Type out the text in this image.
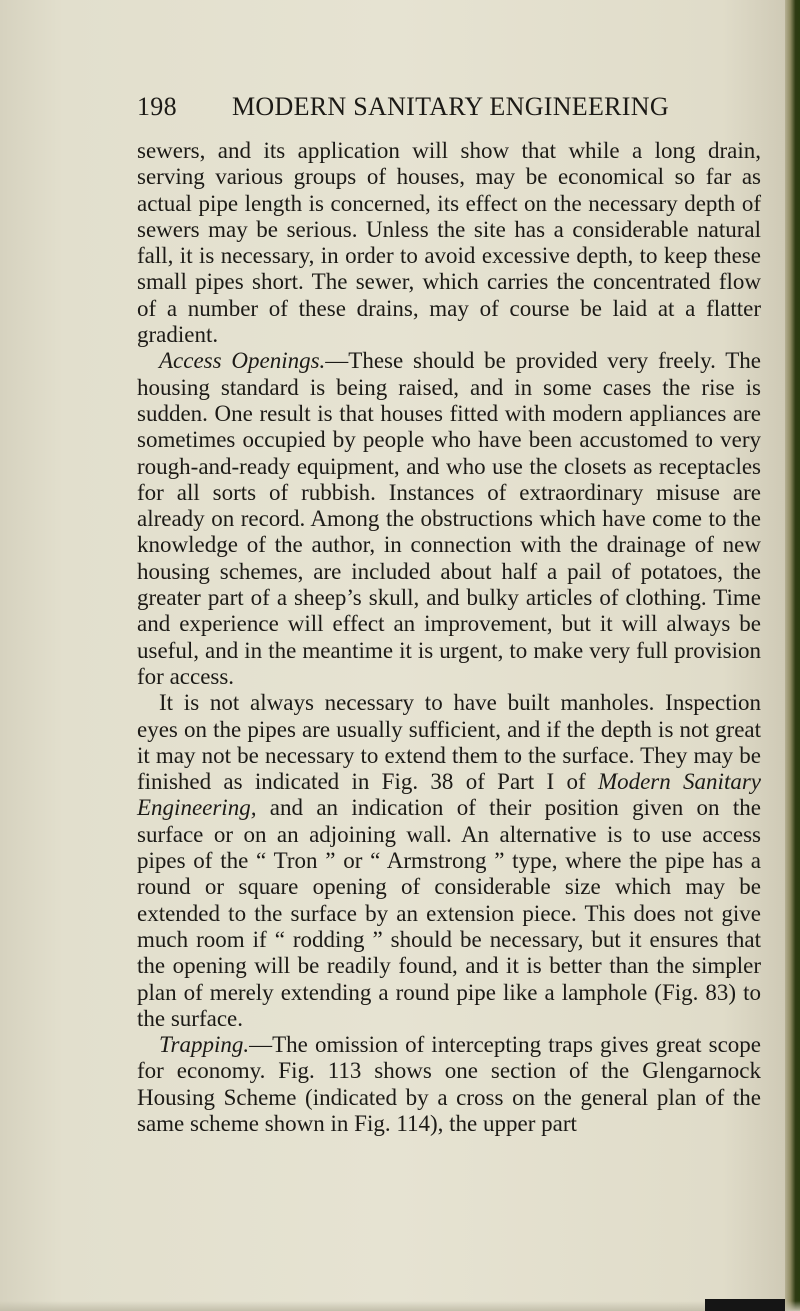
198 MODERN SANITARY ENGINEERING

sewers, and its application will show that while a long drain, serving various groups of houses, may be economical so far as actual pipe length is concerned, its effect on the necessary depth of sewers may be serious. Unless the site has a considerable natural fall, it is necessary, in order to avoid excessive depth, to keep these small pipes short. The sewer, which carries the concentrated flow of a number of these drains, may of course be laid at a flatter gradient.

Access Openings.—These should be provided very freely. The housing standard is being raised, and in some cases the rise is sudden. One result is that houses fitted with modern appliances are sometimes occupied by people who have been accustomed to very rough-and-ready equipment, and who use the closets as receptacles for all sorts of rubbish. Instances of extraordinary misuse are already on record. Among the obstructions which have come to the knowledge of the author, in connection with the drainage of new housing schemes, are included about half a pail of potatoes, the greater part of a sheep’s skull, and bulky articles of clothing. Time and experience will effect an improvement, but it will always be useful, and in the meantime it is urgent, to make very full provision for access.

It is not always necessary to have built manholes. Inspection eyes on the pipes are usually sufficient, and if the depth is not great it may not be necessary to extend them to the surface. They may be finished as indicated in Fig. 38 of Part I of Modern Sanitary Engineering, and an indication of their position given on the surface or on an adjoining wall. An alternative is to use access pipes of the “ Tron ” or “ Armstrong ” type, where the pipe has a round or square opening of considerable size which may be extended to the surface by an extension piece. This does not give much room if “ rodding ” should be necessary, but it ensures that the opening will be readily found, and it is better than the simpler plan of merely extending a round pipe like a lamphole (Fig. 83) to the surface.

Trapping.—The omission of intercepting traps gives great scope for economy. Fig. 113 shows one section of the Glengarnock Housing Scheme (indicated by a cross on the general plan of the same scheme shown in Fig. 114), the upper part
